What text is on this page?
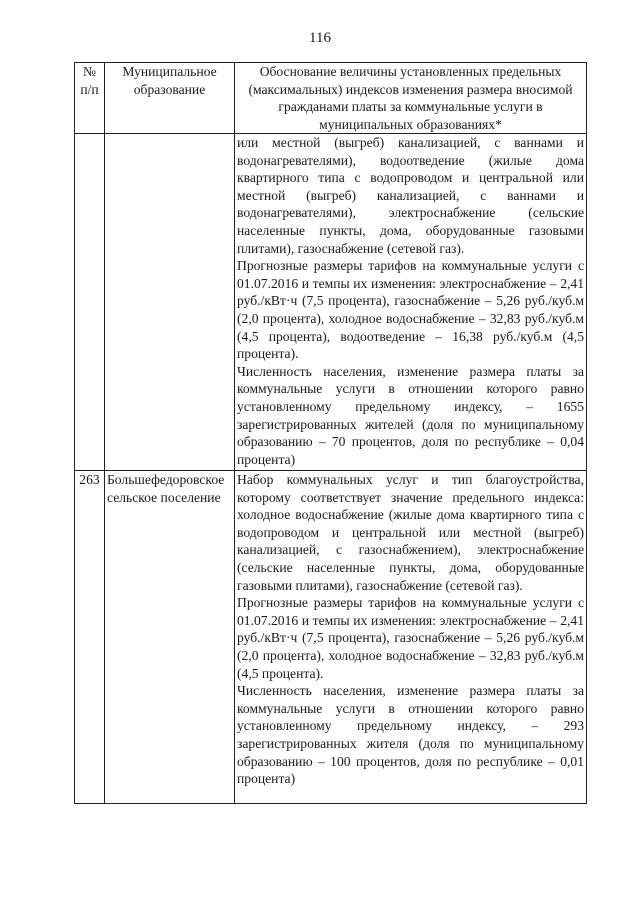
116
№ п/п	Муниципальное образование	Обоснование величины установленных предельных (максимальных) индексов изменения размера вносимой гражданами платы за коммунальные услуги в муниципальных образованиях*

		или местной (выгреб) канализацией, с ваннами и водонагревателями), водоотведение (жилые дома квартирного типа с водопроводом и центральной или местной (выгреб) канализацией, с ваннами и водонагревателями), электроснабжение (сельские населенные пункты, дома, оборудованные газовыми плитами), газоснабжение (сетевой газ).

Прогнозные размеры тарифов на коммунальные услуги с 01.07.2016 и темпы их изменения: электроснабжение – 2,41 руб./кВт·ч (7,5 процента), газоснабжение – 5,26 руб./куб.м (2,0 процента), холодное водоснабжение – 32,83 руб./куб.м (4,5 процента), водоотведение – 16,38 руб./куб.м (4,5 процента).

Численность населения, изменение размера платы за коммунальные услуги в отношении которого равно установленному предельному индексу, – 1655 зарегистрированных жителей (доля по муниципальному образованию – 70 процентов, доля по республике – 0,04 процента)

263	Большефедоровское сельское поселение	Набор коммунальных услуг и тип благоустройства, которому соответствует значение предельного индекса: холодное водоснабжение (жилые дома квартирного типа с водопроводом и центральной или местной (выгреб) канализацией, с газоснабжением), электроснабжение (сельские населенные пункты, дома, оборудованные газовыми плитами), газоснабжение (сетевой газ).

Прогнозные размеры тарифов на коммунальные услуги с 01.07.2016 и темпы их изменения: электроснабжение – 2,41 руб./кВт·ч (7,5 процента), газоснабжение – 5,26 руб./куб.м (2,0 процента), холодное водоснабжение – 32,83 руб./куб.м (4,5 процента).

Численность населения, изменение размера платы за коммунальные услуги в отношении которого равно установленному предельному индексу, – 293 зарегистрированных жителя (доля по муниципальному образованию – 100 процентов, доля по республике – 0,01 процента)
